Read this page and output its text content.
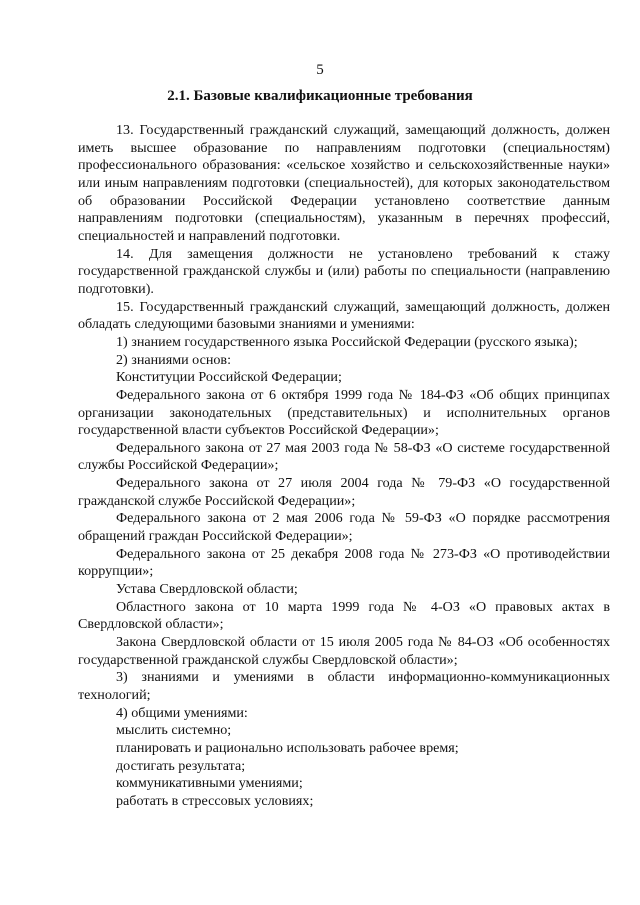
5
2.1. Базовые квалификационные требования

13. Государственный гражданский служащий, замещающий должность, должен иметь высшее образование по направлениям подготовки (специальностям) профессионального образования: «сельское хозяйство и сельскохозяйственные науки» или иным направлениям подготовки (специальностей), для которых законодательством об образовании Российской Федерации установлено соответствие данным направлениям подготовки (специальностям), указанным в перечнях профессий, специальностей и направлений подготовки.

14. Для замещения должности не установлено требований к стажу государственной гражданской службы и (или) работы по специальности (направлению подготовки).

15. Государственный гражданский служащий, замещающий должность, должен обладать следующими базовыми знаниями и умениями:

1) знанием государственного языка Российской Федерации (русского языка);

2) знаниями основ:

Конституции Российской Федерации;

Федерального закона от 6 октября 1999 года № 184-ФЗ «Об общих принципах организации законодательных (представительных) и исполнительных органов государственной власти субъектов Российской Федерации»;

Федерального закона от 27 мая 2003 года № 58-ФЗ «О системе государственной службы Российской Федерации»;

Федерального закона от 27 июля 2004 года № 79-ФЗ «О государственной гражданской службе Российской Федерации»;

Федерального закона от 2 мая 2006 года № 59-ФЗ «О порядке рассмотрения обращений граждан Российской Федерации»;

Федерального закона от 25 декабря 2008 года № 273-ФЗ «О противодействии коррупции»;

Устава Свердловской области;

Областного закона от 10 марта 1999 года № 4-ОЗ «О правовых актах в Свердловской области»;

Закона Свердловской области от 15 июля 2005 года № 84-ОЗ «Об особенностях государственной гражданской службы Свердловской области»;

3) знаниями и умениями в области информационно-коммуникационных технологий;

4) общими умениями:

мыслить системно;

планировать и рационально использовать рабочее время;

достигать результата;

коммуникативными умениями;

работать в стрессовых условиях;
